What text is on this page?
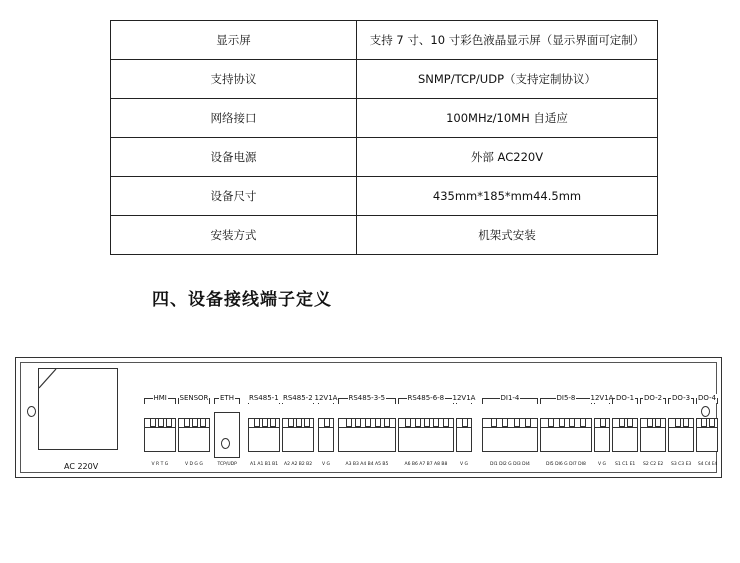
显示屏	支持 7 寸、10 寸彩色液晶显示屏（显示界面可定制）
支持协议	SNMP/TCP/UDP（支持定制协议）
网络接口	100MHz/10MH 自适应
设备电源	外部 AC220V
设备尺寸	435mm*185*mm44.5mm
安装方式	机架式安装
四、设备接线端子定义
AC 220V
HMI
V R T G
SENSOR
V D G G
ETH
TCP/UDP
RS485-1
A1 A1 B1 B1
RS485-2
A2 A2 B2 B2
12V1A
V G
RS485-3-5
A3 B3 A4 B4 A5 B5
RS485-6-8
A6 B6 A7 B7 A8 B8
12V1A
V G
DI1-4
DI1 DI2 G DI3 DI4
DI5-8
DI5 DI6 G DI7 DI8
12V1A
V G
DO-1
S1 C1 E1
DO-2
S2 C2 E2
DO-3
S3 C3 E3
DO-4
S4 C4 E4
